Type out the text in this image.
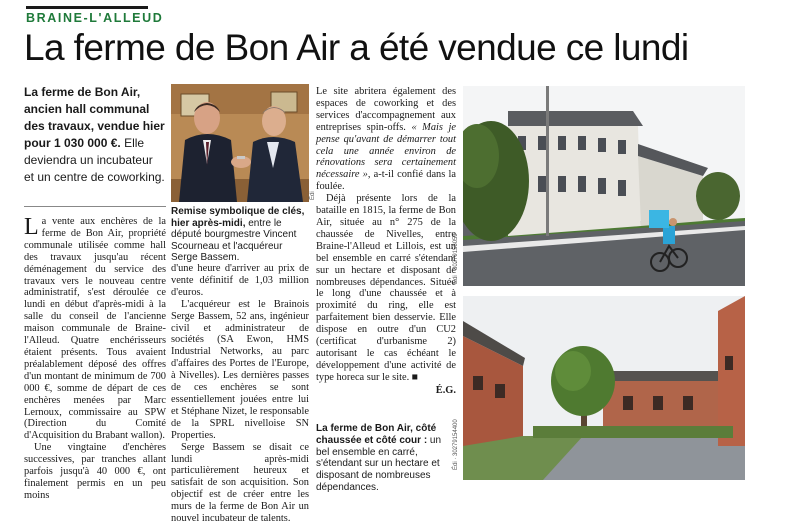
BRAINE-L'ALLEUD
La ferme de Bon Air a été vendue ce lundi
La ferme de Bon Air, ancien hall communal des travaux, vendue hier pour 1 030 000 €. Elle deviendra un incubateur et un centre de coworking.

La vente aux enchères de la ferme de Bon Air, propriété communale utilisée comme hall des travaux jusqu'au récent déménagement du service des travaux vers le nouveau centre administratif, s'est déroulée ce lundi en début d'après-midi à la salle du conseil de l'ancienne maison communale de Braine-l'Alleud. Quatre enchérisseurs étaient présents. Tous avaient préalablement déposé des offres d'un montant de minimum de 700 000 €, somme de départ de ces enchères menées par Marc Lernoux, commissaire au SPW (Direction du Comité d'Acquisition du Brabant wallon).

Une vingtaine d'enchères successives, par tranches allant parfois jusqu'à 40 000 €, ont finalement permis en un peu moins

Édi
Remise symbolique de clés, hier après-midi, entre le député bourgmestre Vincent Scourneau et l'acquéreur Serge Bassem.

d'une heure d'arriver au prix de vente définitif de 1,03 million d'euros.

L'acquéreur est le Brainois Serge Bassem, 52 ans, ingénieur civil et administrateur de sociétés (SA Ewon, HMS Industrial Networks, au parc d'affaires des Portes de l'Europe, à Nivelles). Les dernières passes de ces enchères se sont essentiellement jouées entre lui et Stéphane Nizet, le responsable de la SPRL nivelloise SN Properties.

Serge Bassem se disait ce lundi après-midi particulièrement heureux et satisfait de son acquisition. Son objectif est de créer entre les murs de la ferme de Bon Air un nouvel incubateur de talents.

Le site abritera également des espaces de coworking et des services d'accompagnement aux entreprises spin-offs. « Mais je pense qu'avant de démarrer tout cela une année environ de rénovations sera certainement nécessaire », a-t-il confié dans la foulée.

Déjà présente lors de la bataille en 1815, la ferme de Bon Air, située au n° 275 de la chaussée de Nivelles, entre Braine-l'Alleud et Lillois, est un bel ensemble en carré s'étendant sur un hectare et disposant de nombreuses dépendances. Située le long d'une chaussée et à proximité du ring, elle est parfaitement bien desservie. Elle dispose en outre d'un CU2 (certificat d'urbanisme 2) autorisant le cas échéant le développement d'une activité de type horeca sur le site. ■

É.G.
Édi · 30279156059
Édi · 30279154400
La ferme de Bon Air, côté chaussée et côté cour : un bel ensemble en carré, s'étendant sur un hectare et disposant de nombreuses dépendances.
